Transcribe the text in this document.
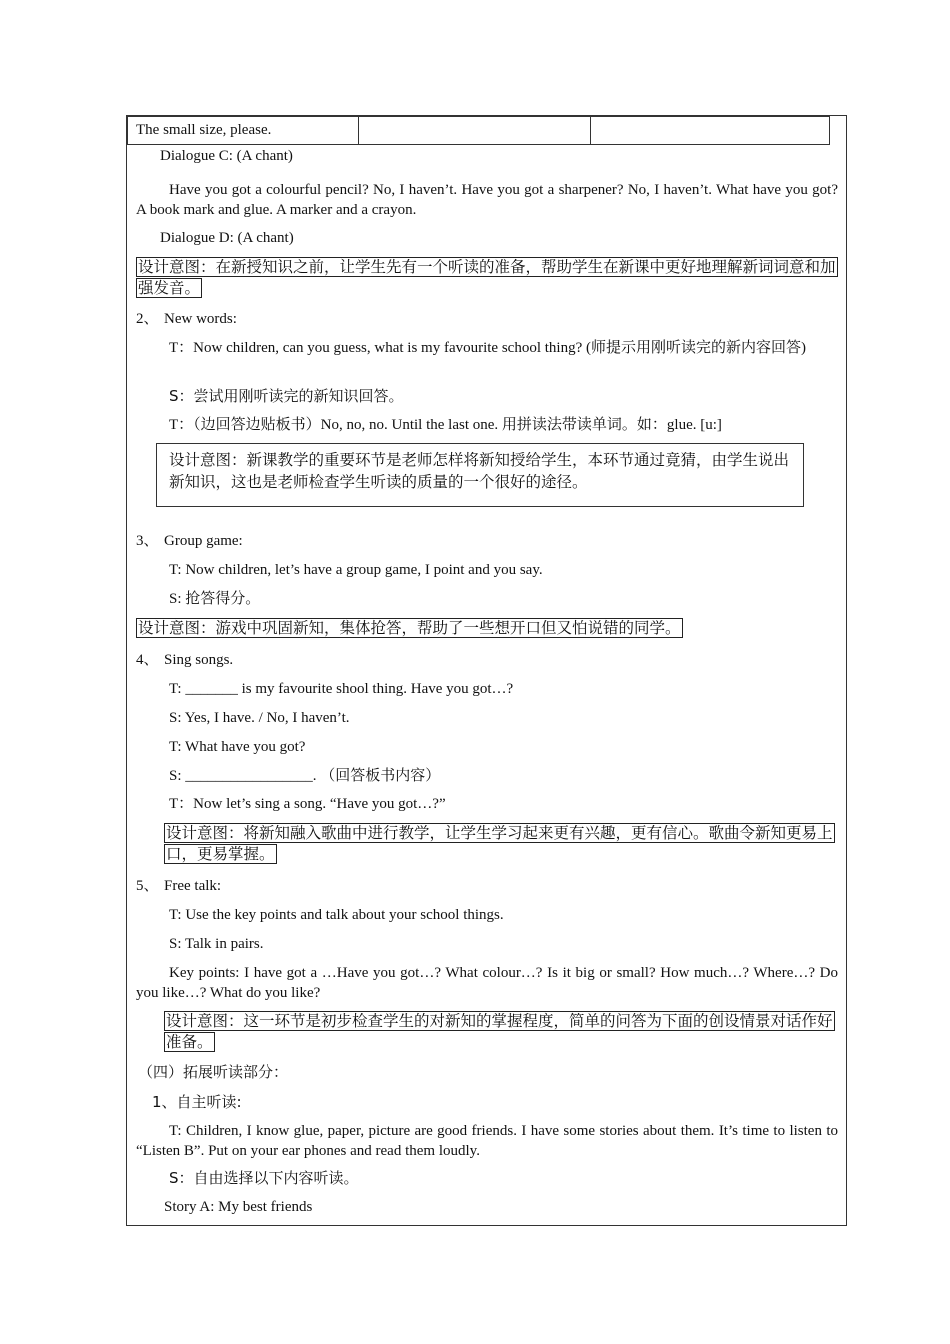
The small size, please.
Dialogue C: (A chant)
Have you got a colourful pencil? No, I haven’t. Have you got a sharpener? No, I haven’t. What have you got? A book mark and glue. A marker and a crayon.
Dialogue D: (A chant)
设计意图：在新授知识之前，让学生先有一个听读的准备，帮助学生在新课中更好地理解新词词意和加强发音。
2、 New words:
T：Now children, can you guess, what is my favourite school thing? (师提示用刚听读完的新内容回答)
S：尝试用刚听读完的新知识回答。
T：（边回答边贴板书）No, no, no. Until the last one. 用拼读法带读单词。如：glue. [u:]
设计意图：新课教学的重要环节是老师怎样将新知授给学生，本环节通过竟猜，由学生说出新知识，这也是老师检查学生听读的质量的一个很好的途径。
3、 Group game:
T: Now children, let’s have a group game, I point and you say.
S: 抢答得分。
设计意图：游戏中巩固新知，集体抢答，帮助了一些想开口但又怕说错的同学。
4、 Sing songs.
T: _______ is my favourite shool thing. Have you got…?
S: Yes, I have. / No, I haven’t.
T: What have you got?
S: _________________. （回答板书内容）
T：Now let’s sing a song. “Have you got…?”
设计意图：将新知融入歌曲中进行教学，让学生学习起来更有兴趣，更有信心。歌曲令新知更易上口，更易掌握。
5、 Free talk:
T: Use the key points and talk about your school things.
S: Talk in pairs.
Key points: I have got a …Have you got…? What colour…? Is it big or small? How much…? Where…? Do you like…? What do you like?
设计意图：这一环节是初步检查学生的对新知的掌握程度，简单的问答为下面的创设情景对话作好准备。
（四）拓展听读部分：
1、自主听读:
T: Children, I know glue, paper, picture are good friends. I have some stories about them. It’s time to listen to “Listen B”. Put on your ear phones and read them loudly.
S：自由选择以下内容听读。
Story A: My best friends
